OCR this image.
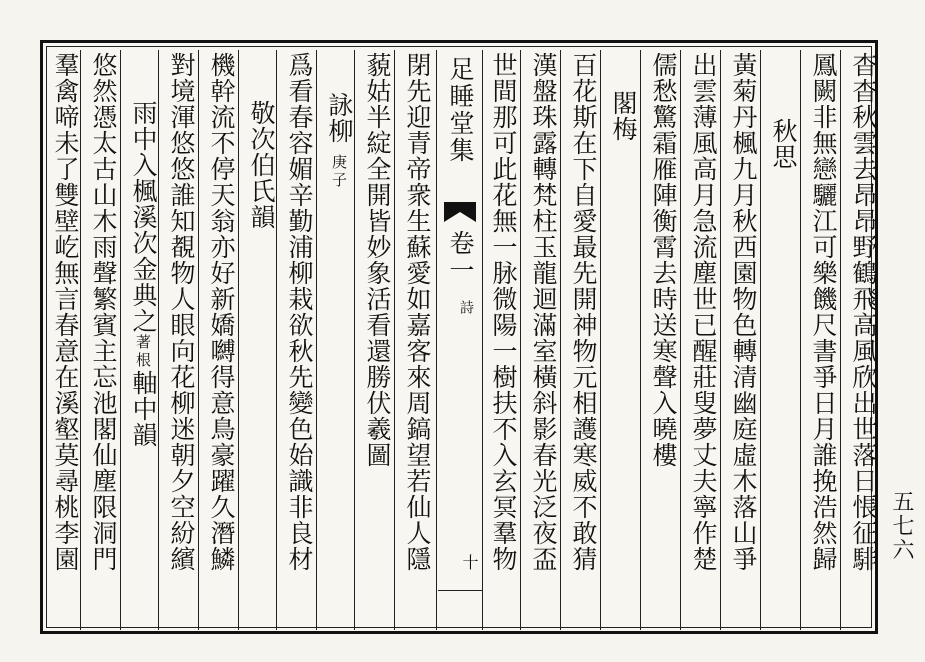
杳杳秋雲去昂昂野鶴飛高風欣出世落日悵征騑
鳳闕非無戀驪江可樂饑尺書爭日月誰挽浩然歸
秋思
黃菊丹楓九月秋西園物色轉清幽庭虛木落山爭
出雲薄風高月急流塵世已醒莊叟夢丈夫寧作楚
儒愁驚霜雁陣衡霄去時送寒聲入曉樓
閣梅
百花斯在下自愛最先開神物元相護寒威不敢猜
漢盤珠露轉梵柱玉龍迴滿室橫斜影春光泛夜盃
世間那可此花無一脉微陽一樹扶不入玄冥羣物
足睡堂集
卷一
詩
十
閉先迎青帝衆生蘇愛如嘉客來周鎬望若仙人隱
藐姑半綻全開皆妙象活看還勝伏羲圖
詠柳庚子
爲看春容媚辛勤浦柳栽欲秋先變色始識非良材
敬次伯氏韻
機幹流不停天翁亦好新嬌嚩得意鳥豪躍久潛鱗
對境渾悠悠誰知覩物人眼向花柳迷朝夕空紛繽
雨中入楓溪次金典之著根軸中韻
悠然憑太古山木雨聲繁賓主忘池閣仙塵限洞門
羣禽啼未了雙壁屹無言春意在溪壑莫尋桃李園	五七六
